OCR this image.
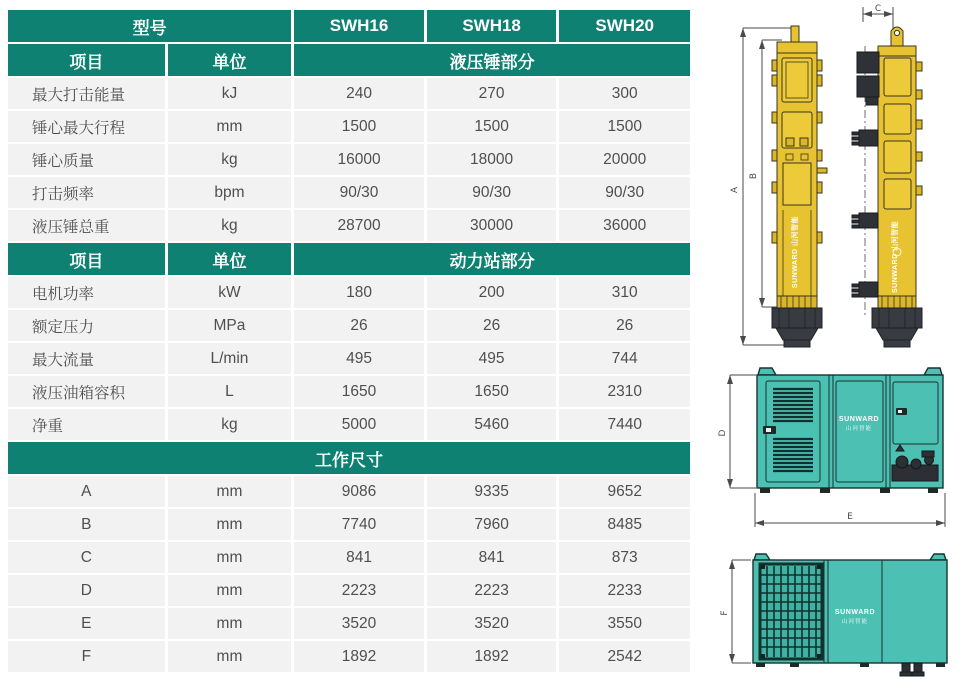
型号		SWH16	SWH18	SWH20
项目	单位	液压锤部分		
最大打击能量	kJ	240	270	300
锤心最大行程	mm	1500	1500	1500
锤心质量	kg	16000	18000	20000
打击频率	bpm	90/30	90/30	90/30
液压锤总重	kg	28700	30000	36000
项目	单位	动力站部分		
电机功率	kW	180	200	310
额定压力	MPa	26	26	26
最大流量	L/min	495	495	744
液压油箱容积	L	1650	1650	2310
净重	kg	5000	5460	7440
工作尺寸				
A	mm	9086	9335	9652
B	mm	7740	7960	8485
C	mm	841	841	873
D	mm	2223	2223	2233
E	mm	3520	3520	3550
F	mm	1892	1892	2542
A
B
C
SUNWARD 山河智能	SUNWARD 山河智能
D
E
SUNWARD
山河智能
F	SUNWARD
山河智能
